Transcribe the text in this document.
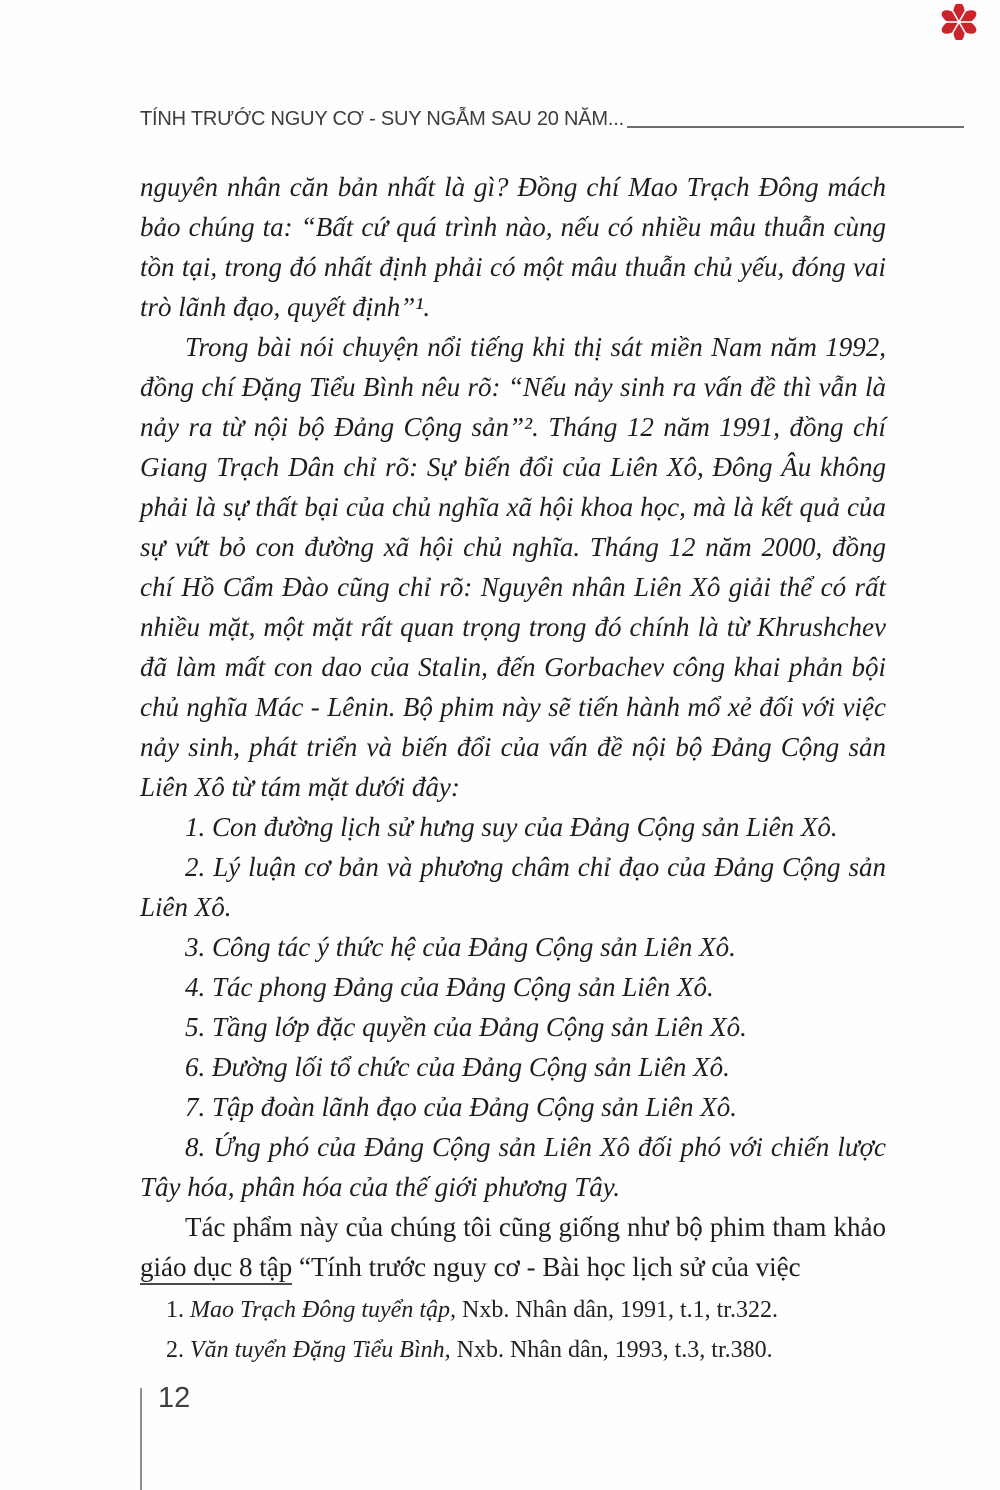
TÍNH TRƯỚC NGUY CƠ - SUY NGẪM SAU 20 NĂM...

nguyên nhân căn bản nhất là gì? Đồng chí Mao Trạch Đông mách bảo chúng ta: “Bất cứ quá trình nào, nếu có nhiều mâu thuẫn cùng tồn tại, trong đó nhất định phải có một mâu thuẫn chủ yếu, đóng vai trò lãnh đạo, quyết định”¹.

Trong bài nói chuyện nổi tiếng khi thị sát miền Nam năm 1992, đồng chí Đặng Tiểu Bình nêu rõ: “Nếu nảy sinh ra vấn đề thì vẫn là nảy ra từ nội bộ Đảng Cộng sản”². Tháng 12 năm 1991, đồng chí Giang Trạch Dân chỉ rõ: Sự biến đổi của Liên Xô, Đông Âu không phải là sự thất bại của chủ nghĩa xã hội khoa học, mà là kết quả của sự vứt bỏ con đường xã hội chủ nghĩa. Tháng 12 năm 2000, đồng chí Hồ Cẩm Đào cũng chỉ rõ: Nguyên nhân Liên Xô giải thể có rất nhiều mặt, một mặt rất quan trọng trong đó chính là từ Khrushchev đã làm mất con dao của Stalin, đến Gorbachev công khai phản bội chủ nghĩa Mác - Lênin. Bộ phim này sẽ tiến hành mổ xẻ đối với việc nảy sinh, phát triển và biến đổi của vấn đề nội bộ Đảng Cộng sản Liên Xô từ tám mặt dưới đây:

1. Con đường lịch sử hưng suy của Đảng Cộng sản Liên Xô.

2. Lý luận cơ bản và phương châm chỉ đạo của Đảng Cộng sản Liên Xô.

3. Công tác ý thức hệ của Đảng Cộng sản Liên Xô.

4. Tác phong Đảng của Đảng Cộng sản Liên Xô.

5. Tầng lớp đặc quyền của Đảng Cộng sản Liên Xô.

6. Đường lối tổ chức của Đảng Cộng sản Liên Xô.

7. Tập đoàn lãnh đạo của Đảng Cộng sản Liên Xô.

8. Ứng phó của Đảng Cộng sản Liên Xô đối phó với chiến lược Tây hóa, phân hóa của thế giới phương Tây.

Tác phẩm này của chúng tôi cũng giống như bộ phim tham khảo giáo dục 8 tập “Tính trước nguy cơ - Bài học lịch sử của việc

1. Mao Trạch Đông tuyển tập, Nxb. Nhân dân, 1991, t.1, tr.322.

2. Văn tuyển Đặng Tiểu Bình, Nxb. Nhân dân, 1993, t.3, tr.380.

12
